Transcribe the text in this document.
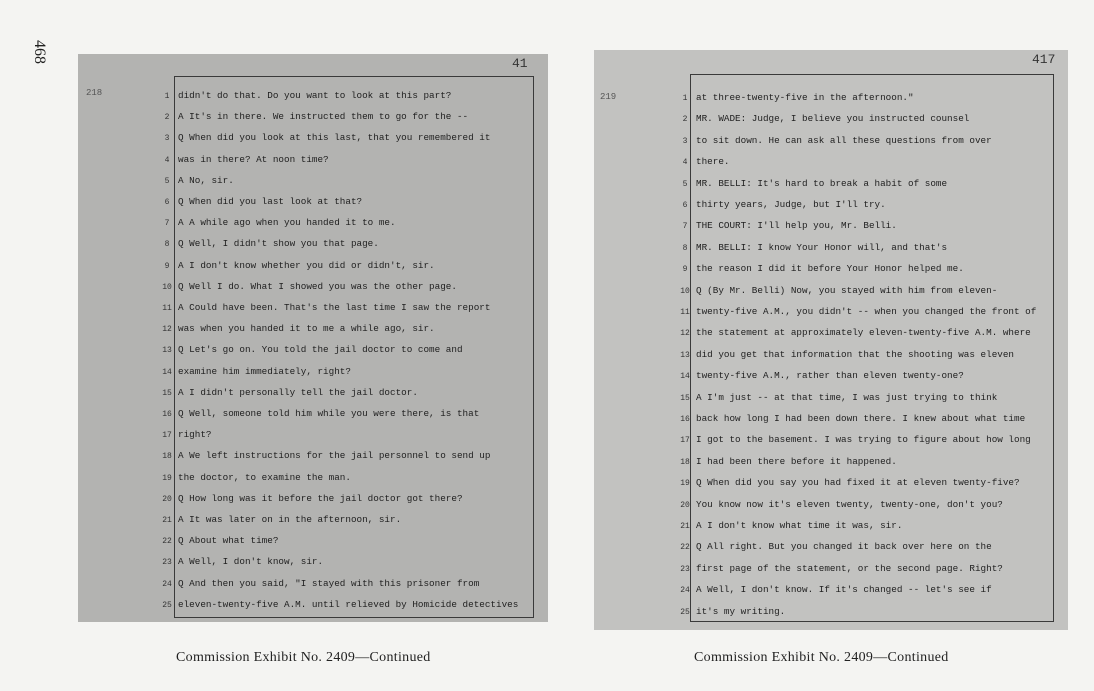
468	41
218	1 didn't do that. Do you want to look at this part?
2 A It's in there. We instructed them to go for the --
3 Q When did you look at this last, that you remembered it
4 was in there? At noon time?
5 A No, sir.
6 Q When did you last look at that?
7 A A while ago when you handed it to me.
8 Q Well, I didn't show you that page.
9 A I don't know whether you did or didn't, sir.
10 Q Well I do. What I showed you was the other page.
11 A Could have been. That's the last time I saw the report
12 was when you handed it to me a while ago, sir.
13 Q Let's go on. You told the jail doctor to come and
14 examine him immediately, right?
15 A I didn't personally tell the jail doctor.
16 Q Well, someone told him while you were there, is that
17 right?
18 A We left instructions for the jail personnel to send up
19 the doctor, to examine the man.
20 Q How long was it before the jail doctor got there?
21 A It was later on in the afternoon, sir.
22 Q About what time?
23 A Well, I don't know, sir.
24 Q And then you said, "I stayed with this prisoner from
25 eleven-twenty-five A.M. until relieved by Homicide detectives
417
219	1 at three-twenty-five in the afternoon."
2MR. WADE: Judge, I believe you instructed counsel
3to sit down. He can ask all these questions from over
4there.
5MR. BELLI: It's hard to break a habit of some
6thirty years, Judge, but I'll try.
7THE COURT: I'll help you, Mr. Belli.
8MR. BELLI: I know Your Honor will, and that's
9the reason I did it before Your Honor helped me.
10 Q (By Mr. Belli) Now, you stayed with him from eleven-
11 twenty-five A.M., you didn't -- when you changed the front of
12 the statement at approximately eleven-twenty-five A.M. where
13 did you get that information that the shooting was eleven
14 twenty-five A.M., rather than eleven twenty-one?
15 A I'm just -- at that time, I was just trying to think
16 back how long I had been down there. I knew about what time
17 I got to the basement. I was trying to figure about how long
18 I had been there before it happened.
19 Q When did you say you had fixed it at eleven twenty-five?
20 You know now it's eleven twenty, twenty-one, don't you?
21 A I don't know what time it was, sir.
22 Q All right. But you changed it back over here on the
23 first page of the statement, or the second page. Right?
24 A Well, I don't know. If it's changed -- let's see if
25 it's my writing.
Commission Exhibit No. 2409—Continued	Commission Exhibit No. 2409—Continued
